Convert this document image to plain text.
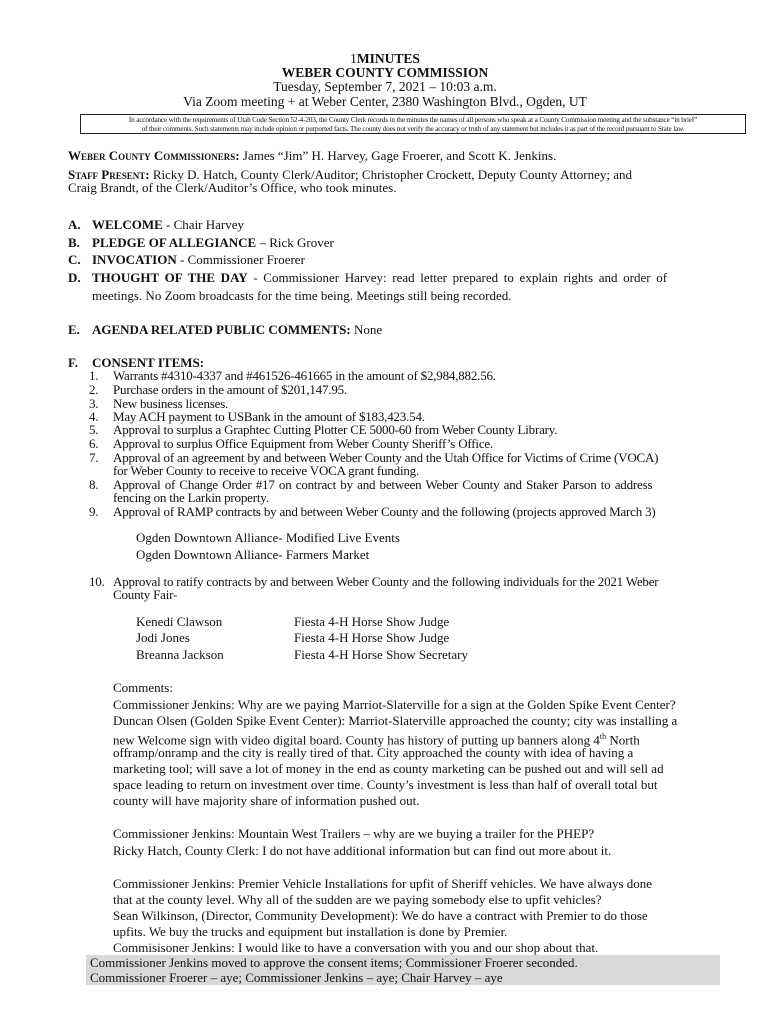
1MINUTES
WEBER COUNTY COMMISSION
Tuesday, September 7, 2021 – 10:03 a.m.
Via Zoom meeting + at Weber Center, 2380 Washington Blvd., Ogden, UT
In accordance with the requirements of Utah Code Section 52-4-203, the County Clerk records in the minutes the names of all persons who speak at a County Commission meeting and the substance “in brief”
of their comments. Such statements may include opinion or purported facts. The county does not verify the accuracy or truth of any statement but includes it as part of the record pursuant to State law.
Weber County Commissioners: James “Jim” H. Harvey, Gage Froerer, and Scott K. Jenkins.
Staff Present: Ricky D. Hatch, County Clerk/Auditor; Christopher Crockett, Deputy County Attorney; and
Craig Brandt, of the Clerk/Auditor’s Office, who took minutes.
A. WELCOME - Chair Harvey
B. PLEDGE OF ALLEGIANCE – Rick Grover
C. INVOCATION - Commissioner Froerer
D. THOUGHT OF THE DAY - Commissioner Harvey: read letter prepared to explain rights and order of
meetings. No Zoom broadcasts for the time being. Meetings still being recorded.
E. AGENDA RELATED PUBLIC COMMENTS: None
F. CONSENT ITEMS:
1. Warrants #4310-4337 and #461526-461665 in the amount of $2,984,882.56.
2. Purchase orders in the amount of $201,147.95.
3. New business licenses.
4. May ACH payment to USBank in the amount of $183,423.54.
5. Approval to surplus a Graphtec Cutting Plotter CE 5000-60 from Weber County Library.
6. Approval to surplus Office Equipment from Weber County Sheriff’s Office.
7. Approval of an agreement by and between Weber County and the Utah Office for Victims of Crime (VOCA)
for Weber County to receive to receive VOCA grant funding.
8. Approval of Change Order #17 on contract by and between Weber County and Staker Parson to address
fencing on the Larkin property.
9. Approval of RAMP contracts by and between Weber County and the following (projects approved March 3)
Ogden Downtown Alliance- Modified Live Events
Ogden Downtown Alliance- Farmers Market
10. Approval to ratify contracts by and between Weber County and the following individuals for the 2021 Weber
County Fair-
Kenedi Clawson	Fiesta 4-H Horse Show Judge
Jodi Jones	Fiesta 4-H Horse Show Judge
Breanna Jackson	Fiesta 4-H Horse Show Secretary
Comments:
Commissioner Jenkins: Why are we paying Marriot-Slaterville for a sign at the Golden Spike Event Center?
Duncan Olsen (Golden Spike Event Center): Marriot-Slaterville approached the county; city was installing a
new Welcome sign with video digital board. County has history of putting up banners along 4th North
offramp/onramp and the city is really tired of that. City approached the county with idea of having a
marketing tool; will save a lot of money in the end as county marketing can be pushed out and will sell ad
space leading to return on investment over time. County’s investment is less than half of overall total but
county will have majority share of information pushed out.
Commissioner Jenkins: Mountain West Trailers – why are we buying a trailer for the PHEP?
Ricky Hatch, County Clerk: I do not have additional information but can find out more about it.
Commissioner Jenkins: Premier Vehicle Installations for upfit of Sheriff vehicles. We have always done
that at the county level. Why all of the sudden are we paying somebody else to upfit vehicles?
Sean Wilkinson, (Director, Community Development): We do have a contract with Premier to do those
upfits. We buy the trucks and equipment but installation is done by Premier.
Commisisoner Jenkins: I would like to have a conversation with you and our shop about that.
Commissioner Jenkins moved to approve the consent items; Commissioner Froerer seconded.
Commissioner Froerer – aye; Commissioner Jenkins – aye; Chair Harvey – aye
